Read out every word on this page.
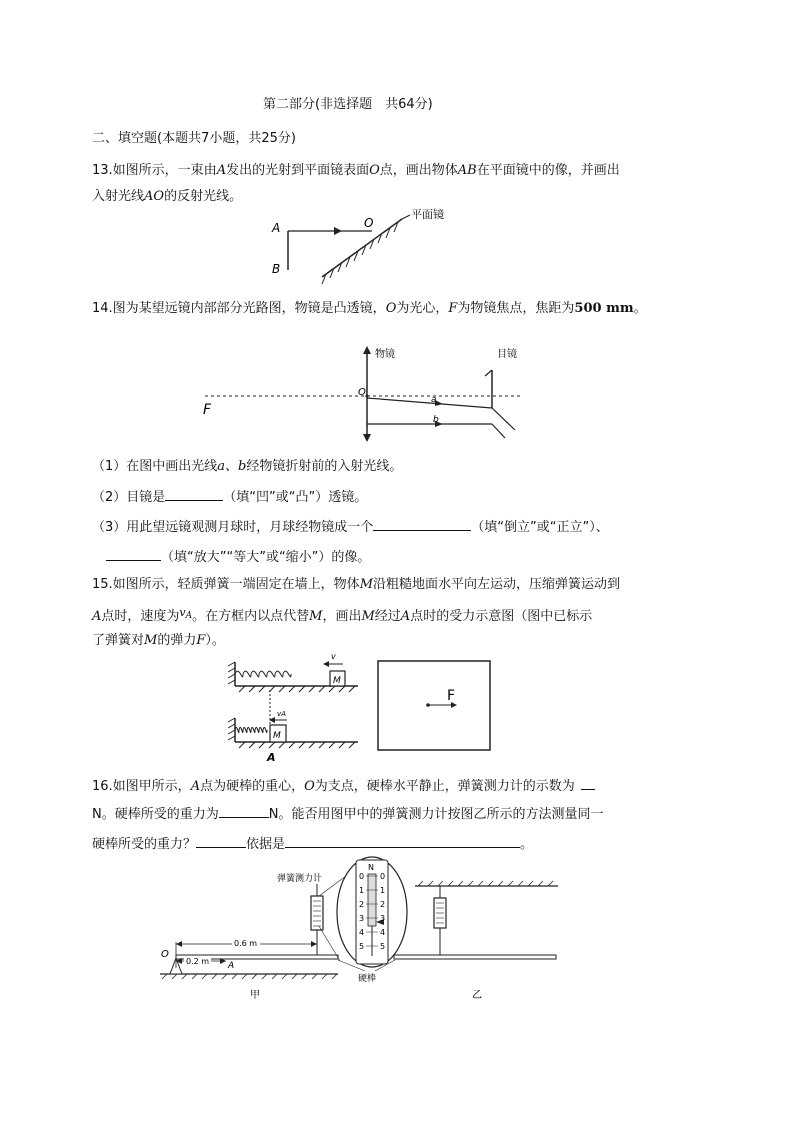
第二部分(非选择题　共64分)
二、填空题(本题共7小题，共25分)
13.如图所示，一束由A发出的光射到平面镜表面O点，画出物体AB在平面镜中的像，并画出
入射光线AO的反射光线。
A
B
O
平面镜
14.图为某望远镜内部部分光路图，物镜是凸透镜，O为光心，F为物镜焦点，焦距为500 mm。
F
O
物镜	目镜
a
b
（1）在图中画出光线a、b经物镜折射前的入射光线。
（2）目镜是	（填“凹”或“凸”）透镜。
（3）用此望远镜观测月球时，月球经物镜成一个	（填“倒立”或“正立”）、
（填“放大”“等大”或“缩小”）的像。
15.如图所示，轻质弹簧一端固定在墙上，物体M沿粗糙地面水平向左运动，压缩弹簧运动到
A点时，速度为$^v$A。在方框内以点代替M，画出M经过A点时的受力示意图（图中已标示
了弹簧对M的弹力F）。
M
v
M
vA
A
F
16.如图甲所示，A点为硬棒的重心，O为支点，硬棒水平静止，弹簧测力计的示数为
N。硬棒所受的重力为	N。能否用图甲中的弹簧测力计按图乙所示的方法测量同一
硬棒所受的重力？	依据是	。
0.6 m
0.2 m
O
A
弹簧测力计
N
0
1
2
3
4
5
0
1
2
3
4
5
硬棒
甲	乙
